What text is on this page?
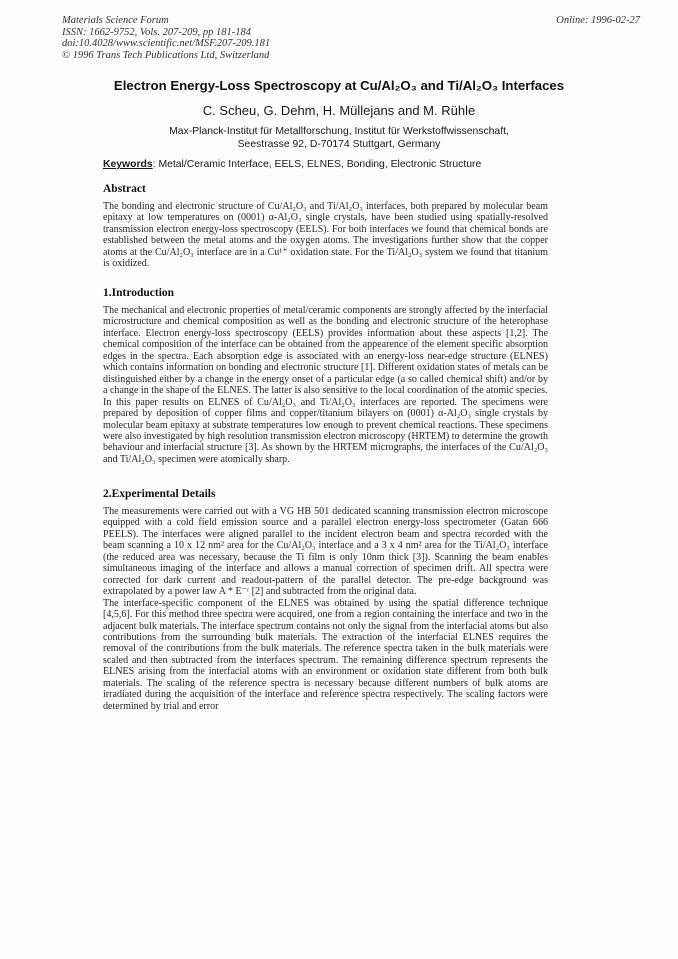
Materials Science Forum
ISSN: 1662-9752, Vols. 207-209, pp 181-184
doi:10.4028/www.scientific.net/MSF.207-209.181
© 1996 Trans Tech Publications Ltd, Switzerland
Online: 1996-02-27
Electron Energy-Loss Spectroscopy at Cu/Al₂O₃ and Ti/Al₂O₃ Interfaces
C. Scheu, G. Dehm, H. Müllejans and M. Rühle
Max-Planck-Institut für Metallforschung, Institut für Werkstoffwissenschaft,
Seestrasse 92, D-70174 Stuttgart, Germany
Keywords: Metal/Ceramic Interface, EELS, ELNES, Bonding, Electronic Structure

Abstract

The bonding and electronic structure of Cu/Al₂O₃ and Ti/Al₂O₃ interfaces, both prepared by molecular beam epitaxy at low temperatures on (0001) α-Al₂O₃ single crystals, have been studied using spatially-resolved transmission electron energy-loss spectroscopy (EELS). For both interfaces we found that chemical bonds are established between the metal atoms and the oxygen atoms. The investigations further show that the copper atoms at the Cu/Al₂O₃ interface are in a Cu¹⁺ oxidation state. For the Ti/Al₂O₃ system we found that titanium is oxidized.

1.Introduction

The mechanical and electronic properties of metal/ceramic components are strongly affected by the interfacial microstructure and chemical composition as well as the bonding and electronic structure of the heterophase interface. Electron energy-loss spectroscopy (EELS) provides information about these aspects [1,2]. The chemical composition of the interface can be obtained from the appearence of the element specific absorption edges in the spectra. Each absorption edge is associated with an energy-loss near-edge structure (ELNES) which contains information on bonding and electronic structure [1]. Different oxidation states of metals can be distinguished either by a change in the energy onset of a particular edge (a so called chemical shift) and/or by a change in the shape of the ELNES. The latter is also sensitive to the local coordination of the atomic species.

In this paper results on ELNES of Cu/Al₂O₃ and Ti/Al₂O₃ interfaces are reported. The specimens were prepared by deposition of copper films and copper/titanium bilayers on (0001) α-Al₂O₃ single crystals by molecular beam epitaxy at substrate temperatures low enough to prevent chemical reactions. These specimens were also investigated by high resolution transmission electron microscopy (HRTEM) to determine the growth behaviour and interfacial structure [3]. As shown by the HRTEM micrographs, the interfaces of the Cu/Al₂O₃ and Ti/Al₂O₃ specimen were atomically sharp.

2.Experimental Details

The measurements were carried out with a VG HB 501 dedicated scanning transmission electron microscope equipped with a cold field emission source and a parallel electron energy-loss spectrometer (Gatan 666 PEELS). The interfaces were aligned parallel to the incident electron beam and spectra recorded with the beam scanning a 10 x 12 nm² area for the Cu/Al₂O₃ interface and a 3 x 4 nm² area for the Ti/Al₂O₃ interface (the reduced area was necessary, because the Ti film is only 10nm thick [3]). Scanning the beam enables simultaneous imaging of the interface and allows a manual correction of specimen drift. All spectra were corrected for dark current and readout-pattern of the parallel detector. The pre-edge background was extrapolated by a power law A * E⁻ʳ [2] and subtracted from the original data.

The interface-specific component of the ELNES was obtained by using the spatial difference technique [4,5,6]. For this method three spectra were acquired, one from a region containing the interface and two in the adjacent bulk materials. The interface spectrum contains not only the signal from the interfacial atoms but also contributions from the surrounding bulk materials. The extraction of the interfacial ELNES requires the removal of the contributions from the bulk materials. The reference spectra taken in the bulk materials were scaled and then subtracted from the interfaces spectrum. The remaining difference spectrum represents the ELNES arising from the interfacial atoms with an environment or oxidation state different from both bulk materials. The scaling of the reference spectra is necessary because different numbers of bulk atoms are irradiated during the acquisition of the interface and reference spectra respectively. The scaling factors were determined by trial and error
